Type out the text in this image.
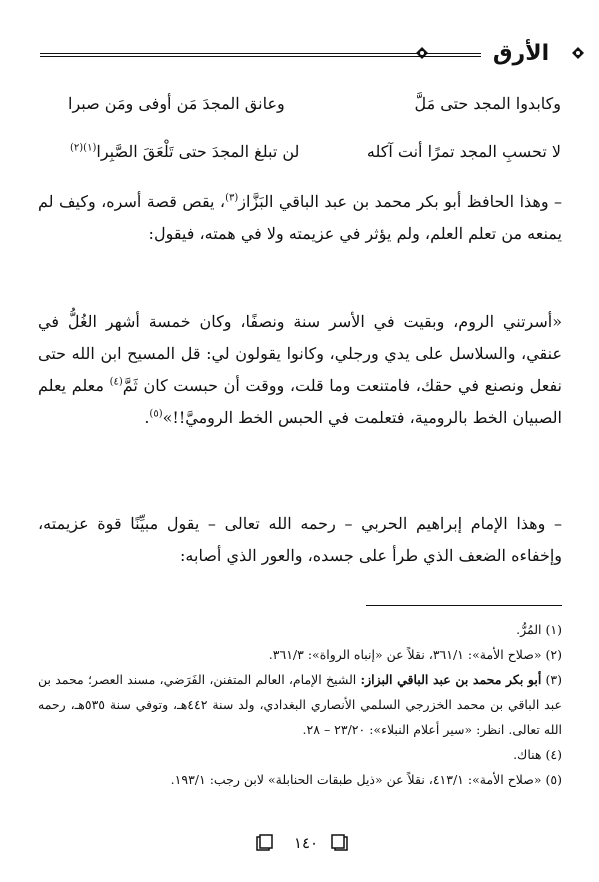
الأرق
وكابدوا المجد حتى مَلَّ
وعانق المجدَ مَن أوفى ومَن صبرا
لا تحسبِ المجد تمرًا أنت آكله
لن تبلغ المجدَ حتى تَلْعَقَ الصَّبِرا$^{(١)(٢)}$

– وهذا الحافظ أبو بكر محمد بن عبد الباقي البَزَّاز$^{(٣)}$، يقص قصة أسره، وكيف لم يمنعه من تعلم العلم، ولم يؤثر في عزيمته ولا في همته، فيقول:

«أسرتني الروم، وبقيت في الأسر سنة ونصفًا، وكان خمسة أشهر الغُلُّ في عنقي، والسلاسل على يدي ورجلي، وكانوا يقولون لي: قل المسيح ابن الله حتى نفعل ونصنع في حقك، فامتنعت وما قلت، ووقت أن حبست كان ثَمَّ$^{(٤)}$ معلم يعلم الصبيان الخط بالرومية، فتعلمت في الحبس الخط الروميَّ!!»$^{(٥)}$.

– وهذا الإمام إبراهيم الحربي – رحمه الله تعالى – يقول مبيِّنًا قوة عزيمته، وإخفاءه الضعف الذي طرأ على جسده، والعور الذي أصابه:

(١) المُرُّ.

(٢) «صلاح الأمة»: ٣٦١/١، نقلاً عن «إنباه الرواة»: ٣٦١/٣.

(٣) أبو بكر محمد بن عبد الباقي البزاز: الشيخ الإمام، العالم المتفنن، الفَرَضي، مسند العصر؛ محمد بن عبد الباقي بن محمد الخزرجي السلمي الأنصاري البغدادي، ولد سنة ٤٤٢هـ، وتوفي سنة ٥٣٥هـ، رحمه الله تعالى. انظر: «سير أعلام النبلاء»: ٢٣/٢٠ – ٢٨.

(٤) هناك.

(٥) «صلاح الأمة»: ٤١٣/١، نقلاً عن «ذيل طبقات الحنابلة» لابن رجب: ١٩٣/١.

١٤٠
